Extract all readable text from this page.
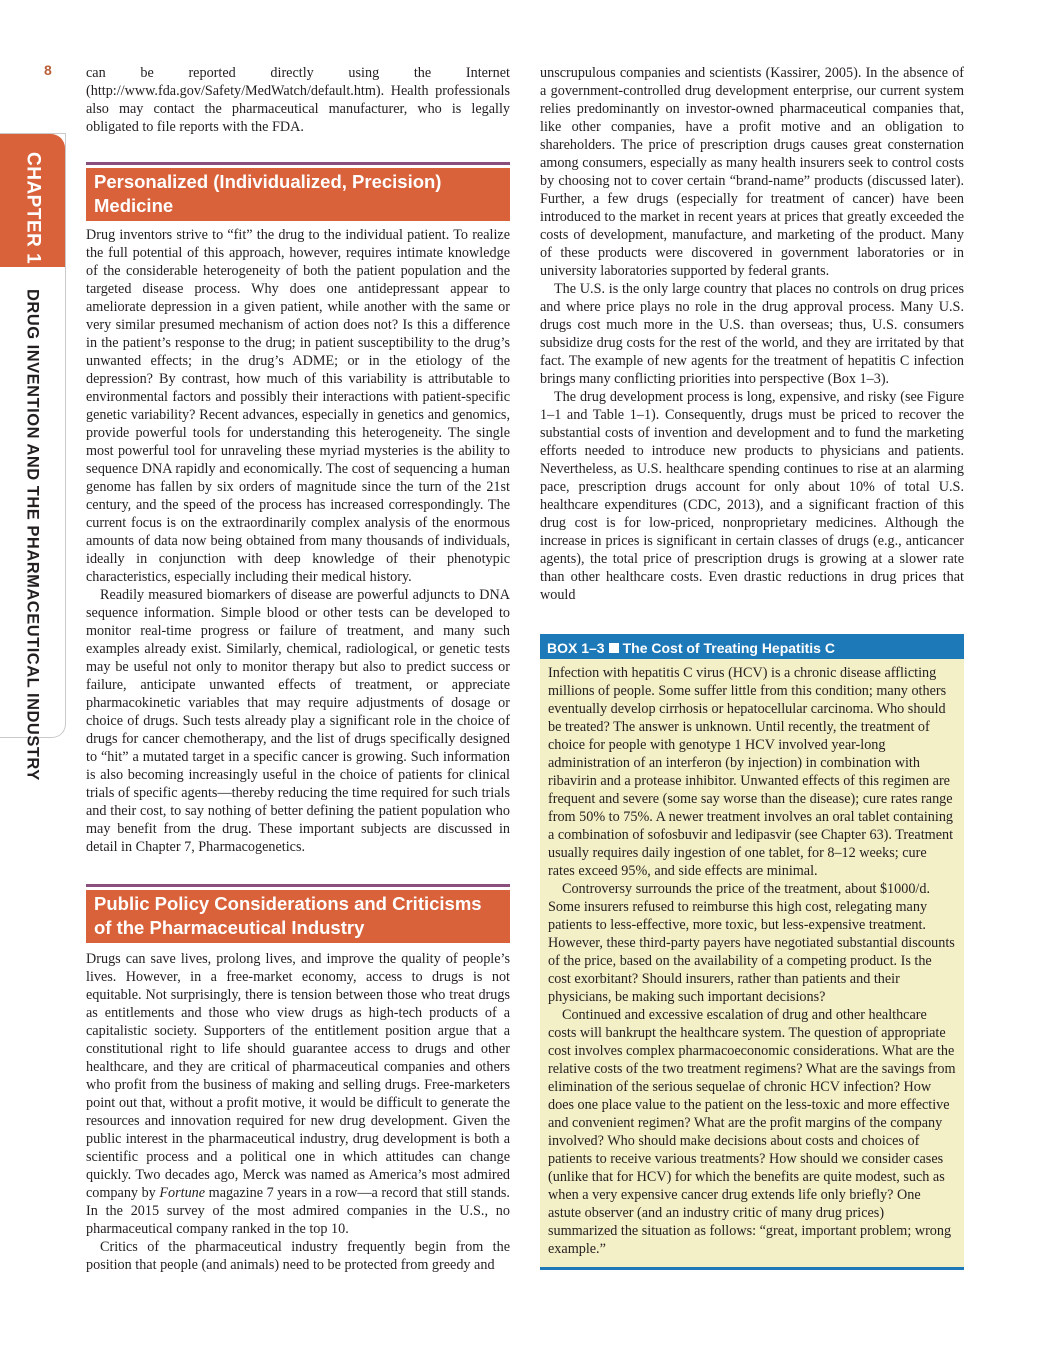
8
CHAPTER 1DRUG INVENTION AND THE PHARMACEUTICAL INDUSTRY

can be reported directly using the Internet (http://www.fda.gov/Safety/MedWatch/default.htm). Health professionals also may contact the pharmaceutical manufacturer, who is legally obligated to file reports with the FDA.

Personalized (Individualized, Precision) Medicine

Drug inventors strive to “fit” the drug to the individual patient. To realize the full potential of this approach, however, requires intimate knowledge of the considerable heterogeneity of both the patient population and the targeted disease process. Why does one antidepressant appear to ameliorate depression in a given patient, while another with the same or very similar presumed mechanism of action does not? Is this a difference in the patient’s response to the drug; in patient susceptibility to the drug’s unwanted effects; in the drug’s ADME; or in the etiology of the depression? By contrast, how much of this variability is attributable to environmental factors and possibly their interactions with patient-specific genetic variability? Recent advances, especially in genetics and genomics, provide powerful tools for understanding this heterogeneity. The single most powerful tool for unraveling these myriad mysteries is the ability to sequence DNA rapidly and economically. The cost of sequencing a human genome has fallen by six orders of magnitude since the turn of the 21st century, and the speed of the process has increased correspondingly. The current focus is on the extraordinarily complex analysis of the enormous amounts of data now being obtained from many thousands of individuals, ideally in conjunction with deep knowledge of their phenotypic characteristics, especially including their medical history.

Readily measured biomarkers of disease are powerful adjuncts to DNA sequence information. Simple blood or other tests can be developed to monitor real-time progress or failure of treatment, and many such examples already exist. Similarly, chemical, radiological, or genetic tests may be useful not only to monitor therapy but also to predict success or failure, anticipate unwanted effects of treatment, or appreciate pharmacokinetic variables that may require adjustments of dosage or choice of drugs. Such tests already play a significant role in the choice of drugs for cancer chemotherapy, and the list of drugs specifically designed to “hit” a mutated target in a specific cancer is growing. Such information is also becoming increasingly useful in the choice of patients for clinical trials of specific agents—thereby reducing the time required for such trials and their cost, to say nothing of better defining the patient population who may benefit from the drug. These important subjects are discussed in detail in Chapter 7, Pharmacogenetics.

Public Policy Considerations and Criticisms of the Pharmaceutical Industry

Drugs can save lives, prolong lives, and improve the quality of people’s lives. However, in a free-market economy, access to drugs is not equitable. Not surprisingly, there is tension between those who treat drugs as entitlements and those who view drugs as high-tech products of a capitalistic society. Supporters of the entitlement position argue that a constitutional right to life should guarantee access to drugs and other healthcare, and they are critical of pharmaceutical companies and others who profit from the business of making and selling drugs. Free-marketers point out that, without a profit motive, it would be difficult to generate the resources and innovation required for new drug development. Given the public interest in the pharmaceutical industry, drug development is both a scientific process and a political one in which attitudes can change quickly. Two decades ago, Merck was named as America’s most admired company by Fortune magazine 7 years in a row—a record that still stands. In the 2015 survey of the most admired companies in the U.S., no pharmaceutical company ranked in the top 10.

Critics of the pharmaceutical industry frequently begin from the position that people (and animals) need to be protected from greedy and

unscrupulous companies and scientists (Kassirer, 2005). In the absence of a government-controlled drug development enterprise, our current system relies predominantly on investor-owned pharmaceutical companies that, like other companies, have a profit motive and an obligation to shareholders. The price of prescription drugs causes great consternation among consumers, especially as many health insurers seek to control costs by choosing not to cover certain “brand-name” products (discussed later). Further, a few drugs (especially for treatment of cancer) have been introduced to the market in recent years at prices that greatly exceeded the costs of development, manufacture, and marketing of the product. Many of these products were discovered in government laboratories or in university laboratories supported by federal grants.

The U.S. is the only large country that places no controls on drug prices and where price plays no role in the drug approval process. Many U.S. drugs cost much more in the U.S. than overseas; thus, U.S. consumers subsidize drug costs for the rest of the world, and they are irritated by that fact. The example of new agents for the treatment of hepatitis C infection brings many conflicting priorities into perspective (Box 1–3).

The drug development process is long, expensive, and risky (see Figure 1–1 and Table 1–1). Consequently, drugs must be priced to recover the substantial costs of invention and development and to fund the marketing efforts needed to introduce new products to physicians and patients. Nevertheless, as U.S. healthcare spending continues to rise at an alarming pace, prescription drugs account for only about 10% of total U.S. healthcare expenditures (CDC, 2013), and a significant fraction of this drug cost is for low-priced, nonproprietary medicines. Although the increase in prices is significant in certain classes of drugs (e.g., anticancer agents), the total price of prescription drugs is growing at a slower rate than other healthcare costs. Even drastic reductions in drug prices that would

BOX 1–3 The Cost of Treating Hepatitis C

Infection with hepatitis C virus (HCV) is a chronic disease afflicting millions of people. Some suffer little from this condition; many others eventually develop cirrhosis or hepatocellular carcinoma. Who should be treated? The answer is unknown. Until recently, the treatment of choice for people with genotype 1 HCV involved year-long administration of an interferon (by injection) in combination with ribavirin and a protease inhibitor. Unwanted effects of this regimen are frequent and severe (some say worse than the disease); cure rates range from 50% to 75%. A newer treatment involves an oral tablet containing a combination of sofosbuvir and ledipasvir (see Chapter 63). Treatment usually requires daily ingestion of one tablet, for 8–12 weeks; cure rates exceed 95%, and side effects are minimal.

Controversy surrounds the price of the treatment, about $1000/d. Some insurers refused to reimburse this high cost, relegating many patients to less-effective, more toxic, but less-expensive treatment. However, these third-party payers have negotiated substantial discounts of the price, based on the availability of a competing product. Is the cost exorbitant? Should insurers, rather than patients and their physicians, be making such important decisions?

Continued and excessive escalation of drug and other healthcare costs will bankrupt the healthcare system. The question of appropriate cost involves complex pharmacoeconomic considerations. What are the relative costs of the two treatment regimens? What are the savings from elimination of the serious sequelae of chronic HCV infection? How does one place value to the patient on the less-toxic and more effective and convenient regimen? What are the profit margins of the company involved? Who should make decisions about costs and choices of patients to receive various treatments? How should we consider cases (unlike that for HCV) for which the benefits are quite modest, such as when a very expensive cancer drug extends life only briefly? One astute observer (and an industry critic of many drug prices) summarized the situation as follows: “great, important problem; wrong example.”
